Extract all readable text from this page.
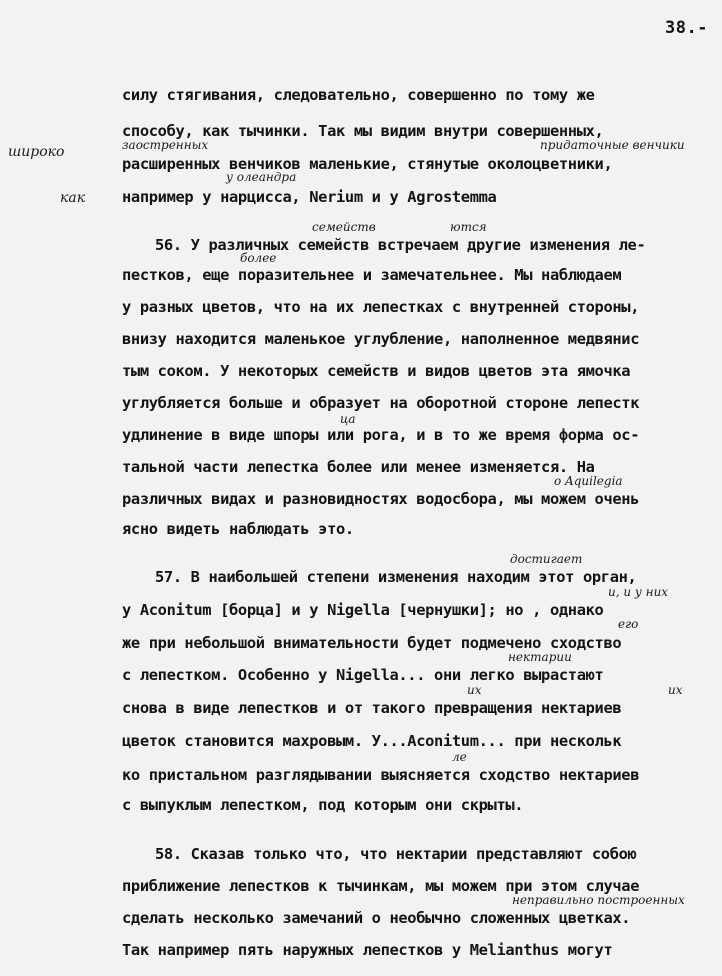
38.-
широко
как
силу стягивания, следовательно, совершенно по тому же
способу, как тычинки. Так мы видим внутри совершенных,
расширенных венчиков маленькие, стянутые околоцветники,
например у нарцисса, Nerium и у Agrostemma
56. У различных семейств встречаем другие изменения ле-
пестков, еще поразительнее и замечательнее. Мы наблюдаем
у разных цветов, что на их лепестках с внутренней стороны,
внизу находится маленькое углубление, наполненное медвянис
тым соком. У некоторых семейств и видов цветов эта ямочка
углубляется больше и образует на оборотной стороне лепестк
удлинение в виде шпоры или рога, и в то же время форма ос-
тальной части лепестка более или менее изменяется. На
различных видах и разновидностях водосбора, мы можем очень
ясно видеть наблюдать это.
57. В наибольшей степени изменения находим этот орган,
у Aconitum [борца] и у Nigella [чернушки]; но , однако
же при небольшой внимательности будет подмечено сходство
с лепестком. Особенно у Nigella... они легко вырастают
снова в виде лепестков и от такого превращения нектариев
цветок становится махровым. У...Aconitum... при нескольк
ко пристальном разглядывании выясняется сходство нектариев
с выпуклым лепестком, под которым они скрыты.
58. Сказав только что, что нектарии представляют собою
приближение лепестков к тычинкам, мы можем при этом случае
сделать несколько замечаний о необычно сложенных цветках.
Так например пять наружных лепестков у Melianthus могут
заостренных	придаточные венчики
у олеандра
семейств	ются
более
ца
o Aquilegia
достигает
и, и у них
его
нектарии
их	их
ле
неправильно построенных
